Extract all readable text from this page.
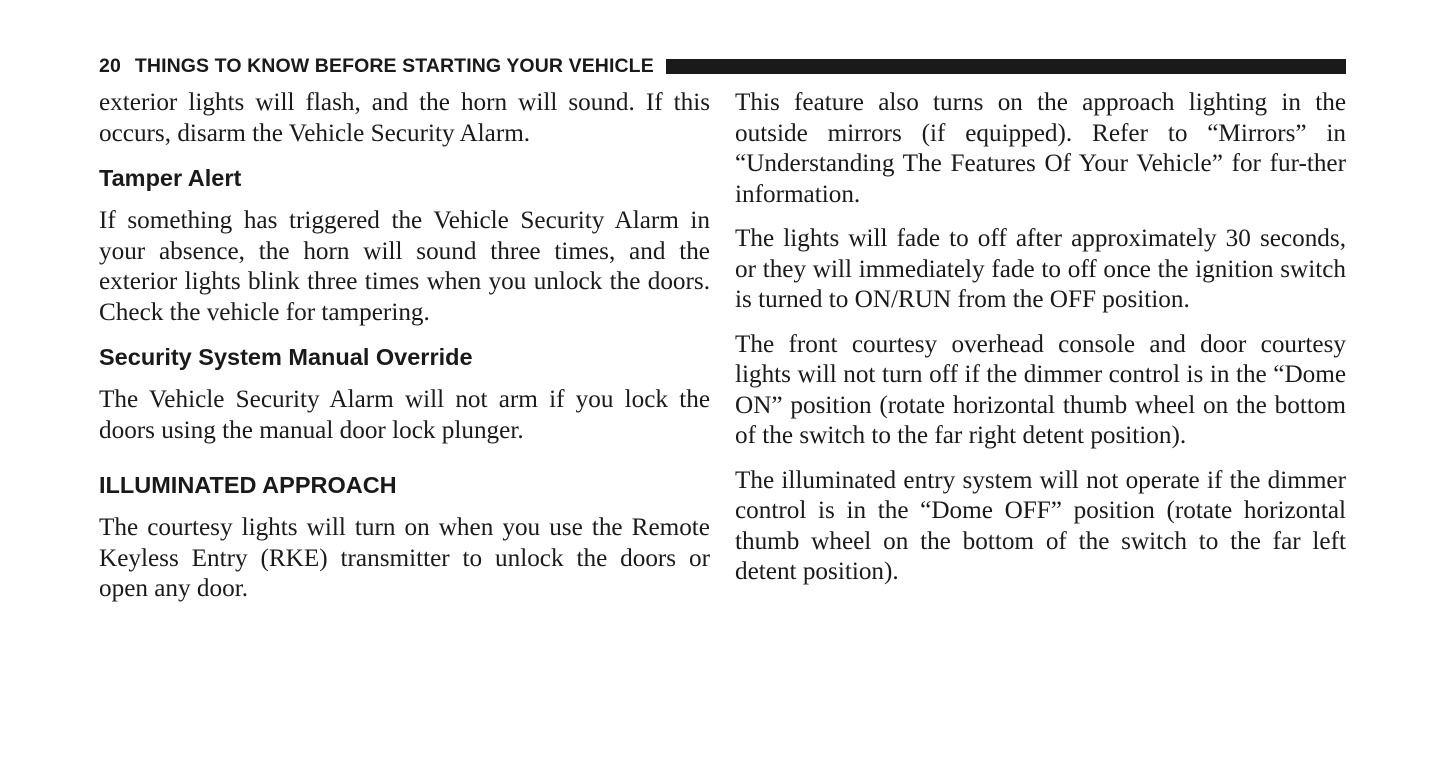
20 THINGS TO KNOW BEFORE STARTING YOUR VEHICLE

exterior lights will flash, and the horn will sound. If this occurs, disarm the Vehicle Security Alarm.

Tamper Alert

If something has triggered the Vehicle Security Alarm in your absence, the horn will sound three times, and the exterior lights blink three times when you unlock the doors. Check the vehicle for tampering.

Security System Manual Override

The Vehicle Security Alarm will not arm if you lock the doors using the manual door lock plunger.

ILLUMINATED APPROACH

The courtesy lights will turn on when you use the Remote Keyless Entry (RKE) transmitter to unlock the doors or open any door.

This feature also turns on the approach lighting in the outside mirrors (if equipped). Refer to “Mirrors” in “Understanding The Features Of Your Vehicle” for fur-ther information.

The lights will fade to off after approximately 30 seconds, or they will immediately fade to off once the ignition switch is turned to ON/RUN from the OFF position.

The front courtesy overhead console and door courtesy lights will not turn off if the dimmer control is in the “Dome ON” position (rotate horizontal thumb wheel on the bottom of the switch to the far right detent position).

The illuminated entry system will not operate if the dimmer control is in the “Dome OFF” position (rotate horizontal thumb wheel on the bottom of the switch to the far left detent position).
